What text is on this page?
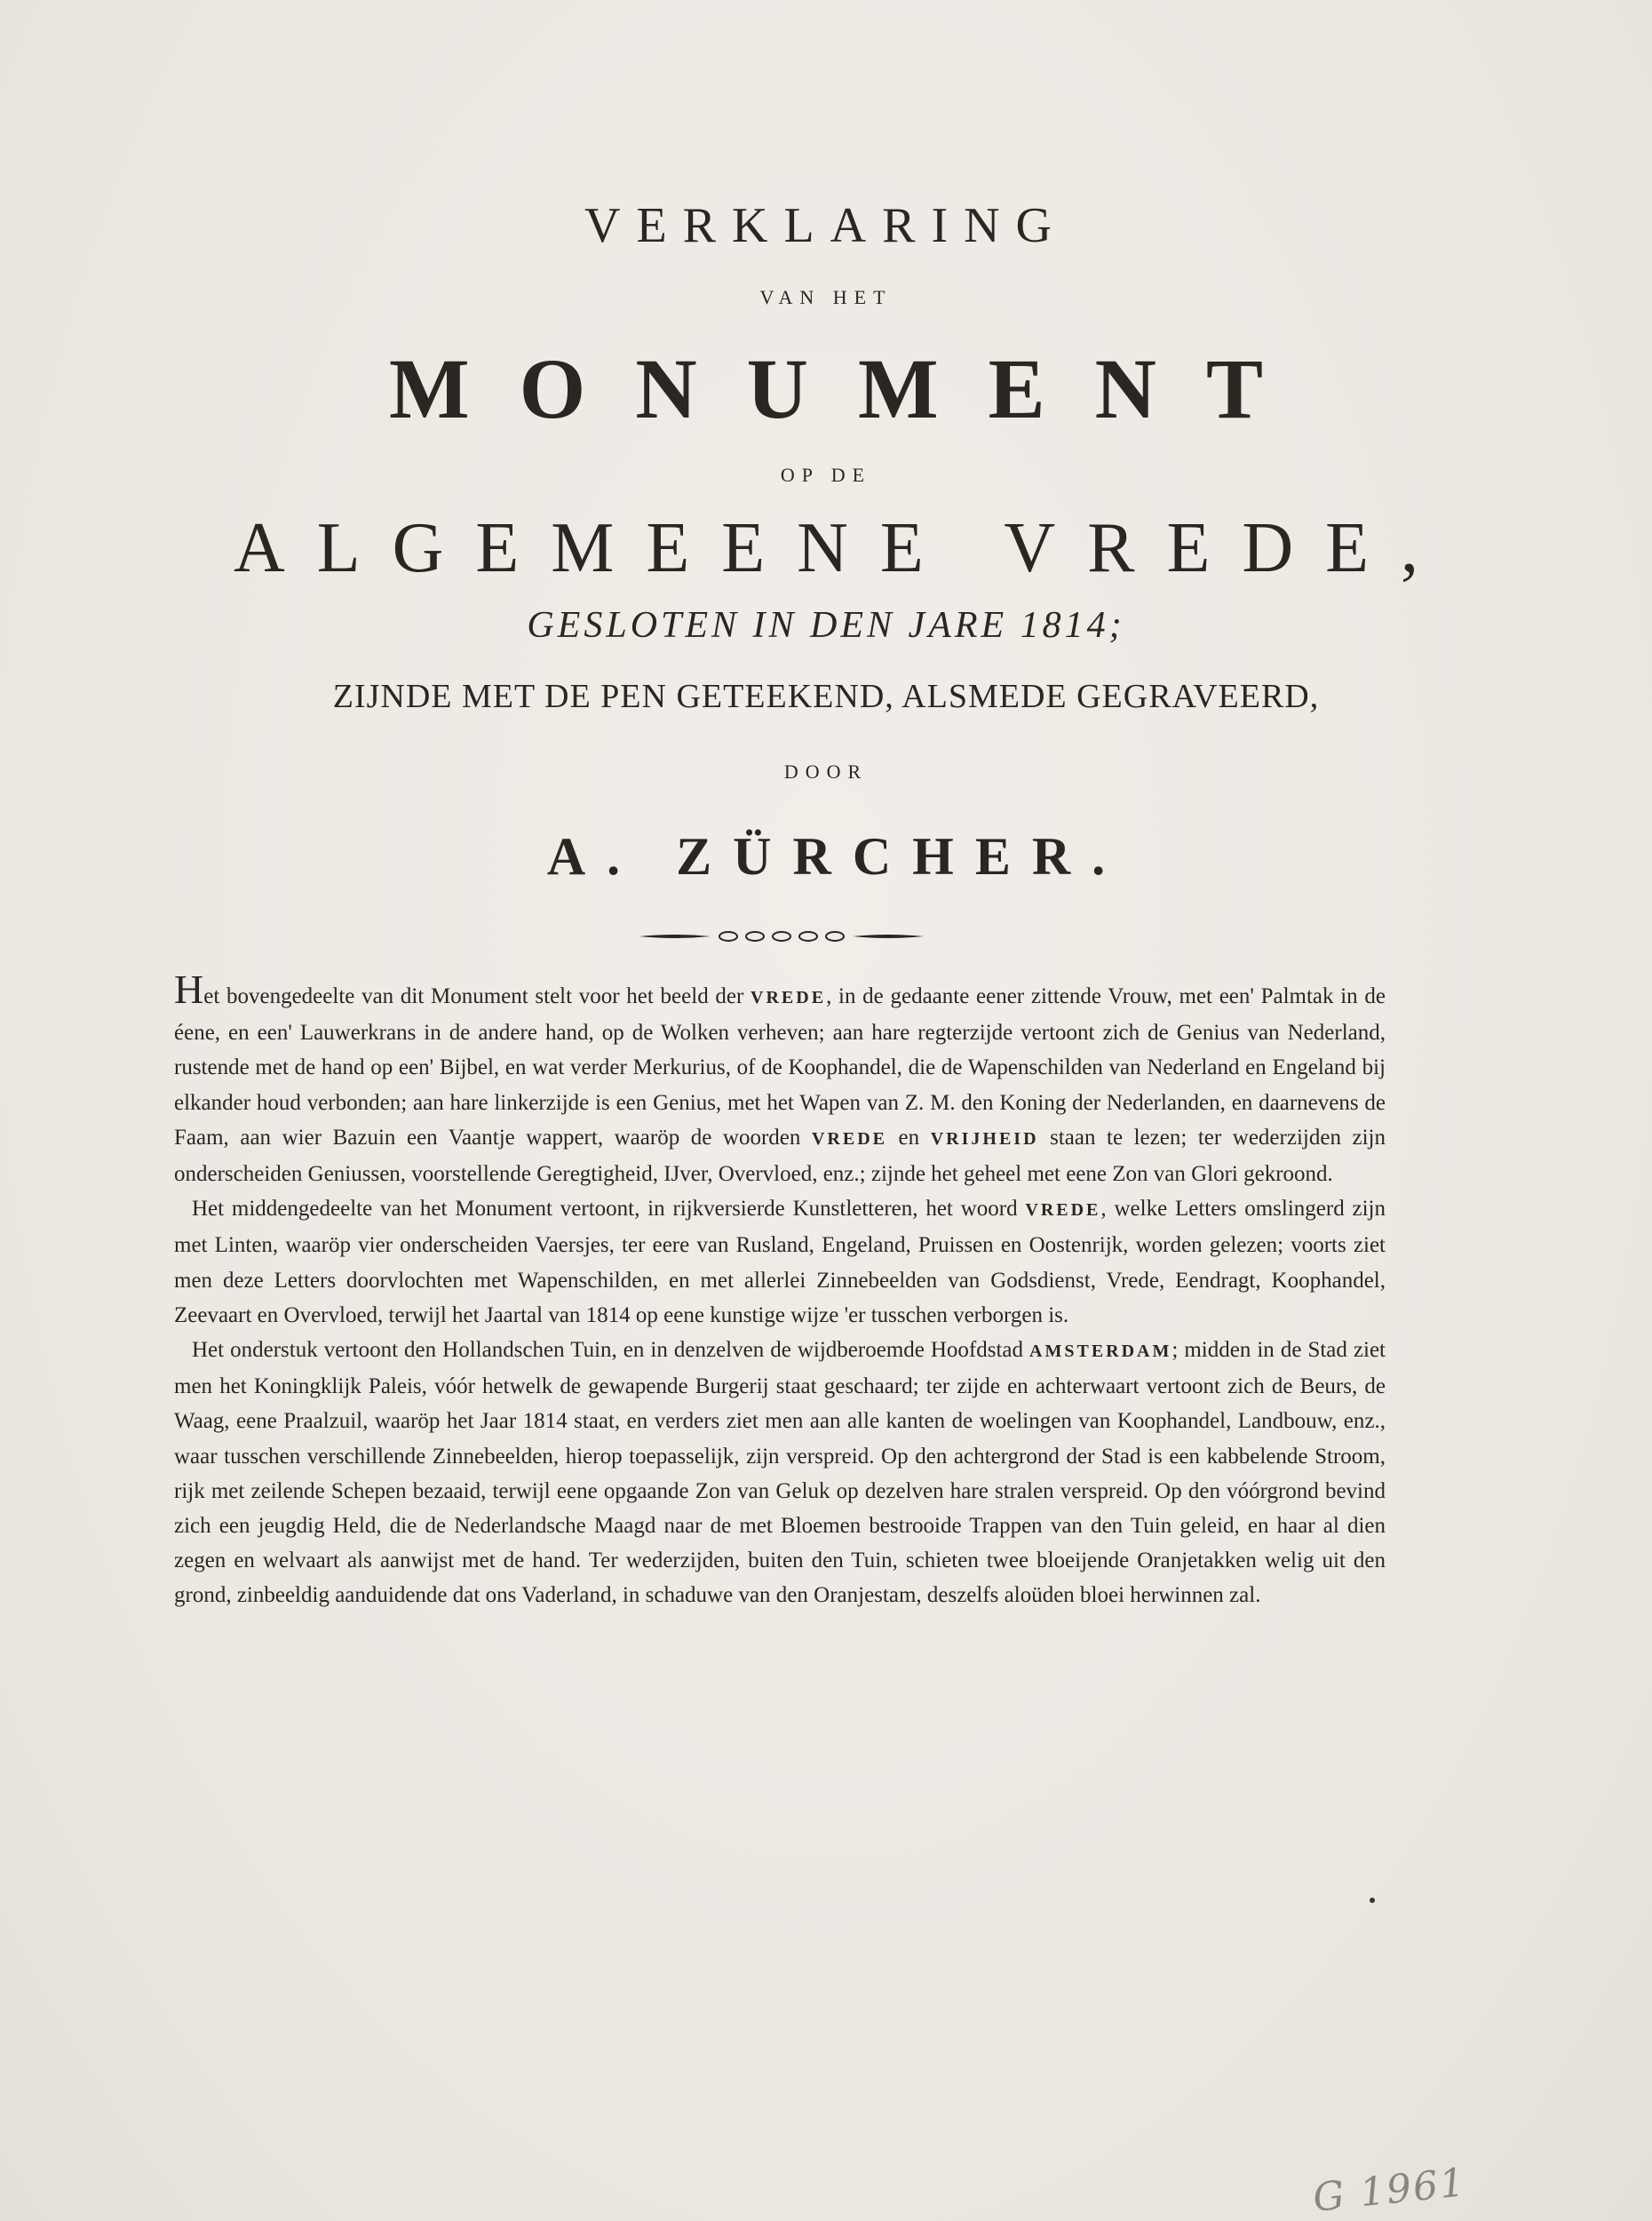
VERKLARING
VAN HET
MONUMENT
OP DE
ALGEMEENE VREDE,
GESLOTEN IN DEN JARE 1814;
ZIJNDE MET DE PEN GETEEKEND, ALSMEDE GEGRAVEERD,
DOOR
A. ZÜRCHER.

Het bovengedeelte van dit Monument stelt voor het beeld der VREDE, in de gedaante eener zittende Vrouw, met een' Palmtak in de éene, en een' Lauwerkrans in de andere hand, op de Wolken verheven; aan hare regterzijde vertoont zich de Genius van Nederland, rustende met de hand op een' Bijbel, en wat verder Merkurius, of de Koophandel, die de Wapenschilden van Nederland en Engeland bij elkander houd verbonden; aan hare linkerzijde is een Genius, met het Wapen van Z. M. den Koning der Nederlanden, en daarnevens de Faam, aan wier Bazuin een Vaantje wappert, waaröp de woorden VREDE en VRIJHEID staan te lezen; ter wederzijden zijn onderscheiden Geniussen, voorstellende Geregtigheid, IJver, Overvloed, enz.; zijnde het geheel met eene Zon van Glori gekroond.

Het middengedeelte van het Monument vertoont, in rijkversierde Kunstletteren, het woord VREDE, welke Letters omslingerd zijn met Linten, waaröp vier onderscheiden Vaersjes, ter eere van Rusland, Engeland, Pruissen en Oostenrijk, worden gelezen; voorts ziet men deze Letters doorvlochten met Wapenschilden, en met allerlei Zinnebeelden van Godsdienst, Vrede, Eendragt, Koophandel, Zeevaart en Overvloed, terwijl het Jaartal van 1814 op eene kunstige wijze 'er tusschen verborgen is.

Het onderstuk vertoont den Hollandschen Tuin, en in denzelven de wijdberoemde Hoofdstad AMSTERDAM; midden in de Stad ziet men het Koningklijk Paleis, vóór hetwelk de gewapende Burgerij staat geschaard; ter zijde en achterwaart vertoont zich de Beurs, de Waag, eene Praalzuil, waaröp het Jaar 1814 staat, en verders ziet men aan alle kanten de woelingen van Koophandel, Landbouw, enz., waar tusschen verschillende Zinnebeelden, hierop toepasselijk, zijn verspreid. Op den achtergrond der Stad is een kabbelende Stroom, rijk met zeilende Schepen bezaaid, terwijl eene opgaande Zon van Geluk op dezelven hare stralen verspreid. Op den vóórgrond bevind zich een jeugdig Held, die de Nederlandsche Maagd naar de met Bloemen bestrooide Trappen van den Tuin geleid, en haar al dien zegen en welvaart als aanwijst met de hand. Ter wederzijden, buiten den Tuin, schieten twee bloeijende Oranjetakken welig uit den grond, zinbeeldig aanduidende dat ons Vaderland, in schaduwe van den Oranjestam, deszelfs aloüden bloei herwinnen zal.

G 1961
